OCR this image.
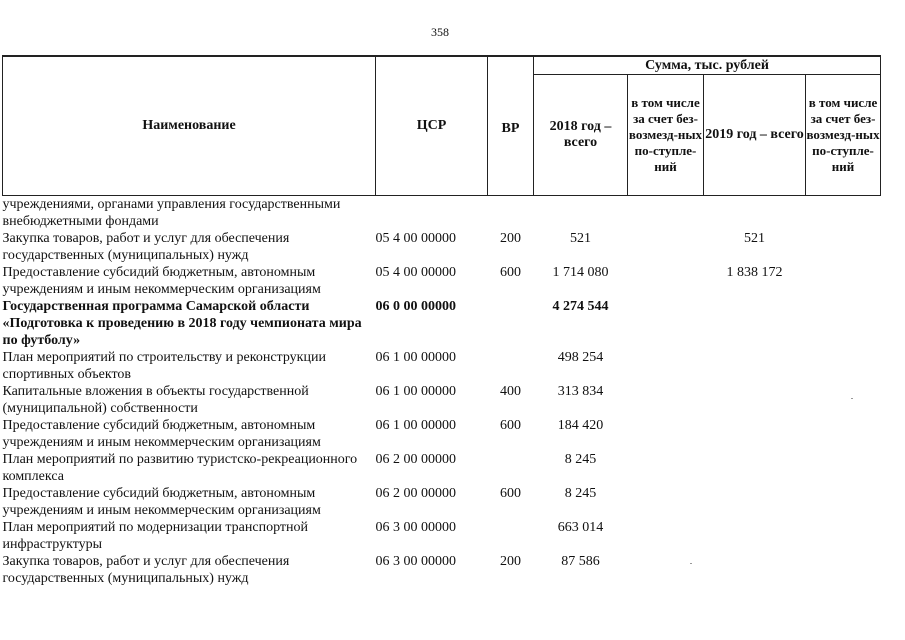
358
Наименование	ЦСР	ВР	Сумма, тыс. рублей			
			2018 год – всего	в том числе за счет без-возмезд-ных по-ступле-ний	2019 год – всего	в том числе за счет без-возмезд-ных по-ступле-ний
учреждениями, органами управления государственными внебюджетными фондами						
Закупка товаров, работ и услуг для обеспечения государственных (муниципальных) нужд	05 4 00 00000	200	521		521	
Предоставление субсидий бюджетным, автономным учреждениям и иным некоммерческим организациям	05 4 00 00000	600	1 714 080		1 838 172	
Государственная программа Самарской области «Подготовка к проведению в 2018 году чемпионата мира по футболу»	06 0 00 00000		4 274 544			
План мероприятий по строительству и реконструкции спортивных объектов	06 1 00 00000		498 254			
Капитальные вложения в объекты государственной (муниципальной) собственности	06 1 00 00000	400	313 834			
Предоставление субсидий бюджетным, автономным учреждениям и иным некоммерческим организациям	06 1 00 00000	600	184 420			
План мероприятий по развитию туристско-рекреационного комплекса	06 2 00 00000		8 245			
Предоставление субсидий бюджетным, автономным учреждениям и иным некоммерческим организациям	06 2 00 00000	600	8 245			
План мероприятий по модернизации транспортной инфраструктуры	06 3 00 00000		663 014			
Закупка товаров, работ и услуг для обеспечения государственных (муниципальных) нужд	06 3 00 00000	200	87 586			
